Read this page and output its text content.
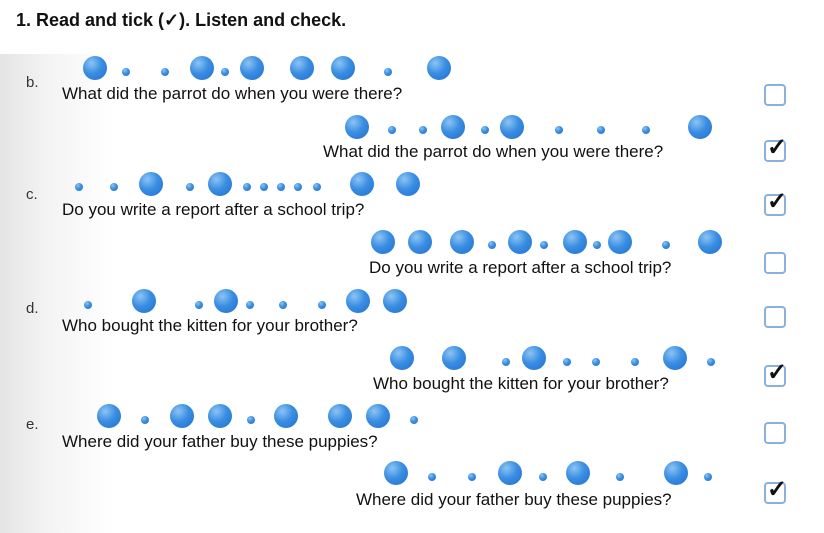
1. Read and tick (✓). Listen and check.
b.
What did the parrot do when you were there?
What did the parrot do when you were there?	✓
c.
Do you write a report after a school trip?	✓
Do you write a report after a school trip?
d.
Who bought the kitten for your brother?
Who bought the kitten for your brother?	✓
e.
Where did your father buy these puppies?
Where did your father buy these puppies?	✓
